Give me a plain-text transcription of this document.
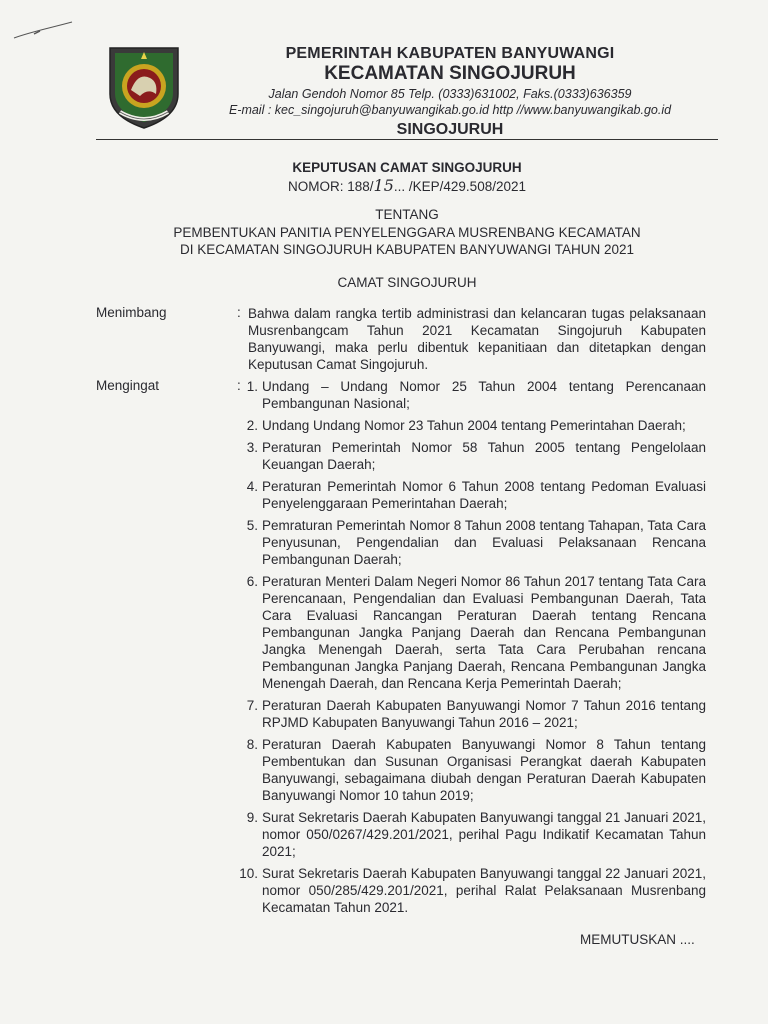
PEMERINTAH KABUPATEN BANYUWANGI
KECAMATAN SINGOJURUH
Jalan Gendoh Nomor 85 Telp. (0333)631002, Faks.(0333)636359
E-mail : kec_singojuruh@banyuwangikab.go.id http //www.banyuwangikab.go.id
SINGOJURUH
KEPUTUSAN CAMAT SINGOJURUH
NOMOR: 188/15... /KEP/429.508/2021
TENTANG
PEMBENTUKAN PANITIA PENYELENGGARA MUSRENBANG KECAMATAN
DI KECAMATAN SINGOJURUH KABUPATEN BANYUWANGI TAHUN 2021
CAMAT SINGOJURUH
Menimbang	: Bahwa dalam rangka tertib administrasi dan kelancaran tugas pelaksanaan Musrenbangcam Tahun 2021 Kecamatan Singojuruh Kabupaten Banyuwangi, maka perlu dibentuk kepanitiaan dan ditetapkan dengan Keputusan Camat Singojuruh.
Mengingat	: 1. Undang – Undang Nomor 25 Tahun 2004 tentang Perencanaan Pembangunan Nasional;
2. Undang Undang Nomor 23 Tahun 2004 tentang Pemerintahan Daerah;
3. Peraturan Pemerintah Nomor 58 Tahun 2005 tentang Pengelolaan Keuangan Daerah;
4. Peraturan Pemerintah Nomor 6 Tahun 2008 tentang Pedoman Evaluasi Penyelenggaraan Pemerintahan Daerah;
5. Pemraturan Pemerintah Nomor 8 Tahun 2008 tentang Tahapan, Tata Cara Penyusunan, Pengendalian dan Evaluasi Pelaksanaan Rencana Pembangunan Daerah;
6. Peraturan Menteri Dalam Negeri Nomor 86 Tahun 2017 tentang Tata Cara Perencanaan, Pengendalian dan Evaluasi Pembangunan Daerah, Tata Cara Evaluasi Rancangan Peraturan Daerah tentang Rencana Pembangunan Jangka Panjang Daerah dan Rencana Pembangunan Jangka Menengah Daerah, serta Tata Cara Perubahan rencana Pembangunan Jangka Panjang Daerah, Rencana Pembangunan Jangka Menengah Daerah, dan Rencana Kerja Pemerintah Daerah;
7. Peraturan Daerah Kabupaten Banyuwangi Nomor 7 Tahun 2016 tentang RPJMD Kabupaten Banyuwangi Tahun 2016 – 2021;
8. Peraturan Daerah Kabupaten Banyuwangi Nomor 8 Tahun tentang Pembentukan dan Susunan Organisasi Perangkat daerah Kabupaten Banyuwangi, sebagaimana diubah dengan Peraturan Daerah Kabupaten Banyuwangi Nomor 10 tahun 2019;
9. Surat Sekretaris Daerah Kabupaten Banyuwangi tanggal 21 Januari 2021, nomor 050/0267/429.201/2021, perihal Pagu Indikatif Kecamatan Tahun 2021;
10. Surat Sekretaris Daerah Kabupaten Banyuwangi tanggal 22 Januari 2021, nomor 050/285/429.201/2021, perihal Ralat Pelaksanaan Musrenbang Kecamatan Tahun 2021.
MEMUTUSKAN ....
